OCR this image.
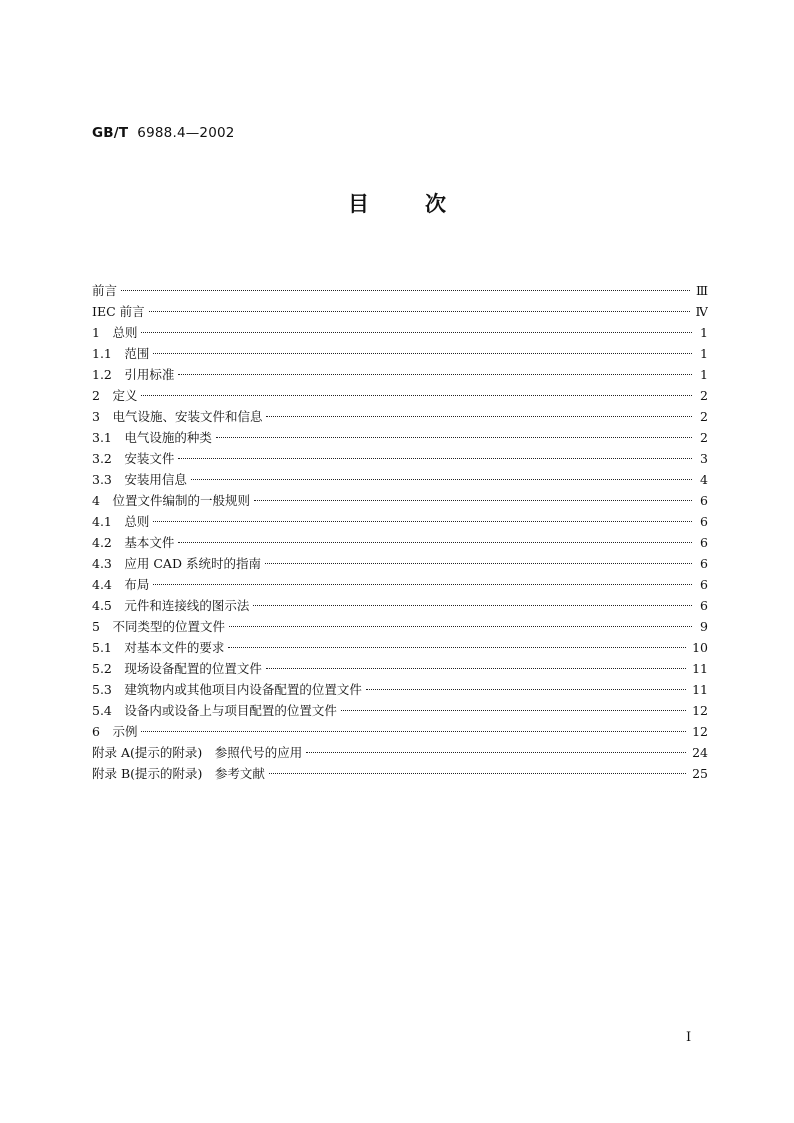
GB/T 6988.4—2002
目次
前言	Ⅲ
IEC 前言	Ⅳ
1　总则	1
1.1　范围	1
1.2　引用标准	1
2　定义	2
3　电气设施、安装文件和信息	2
3.1　电气设施的种类	2
3.2　安装文件	3
3.3　安装用信息	4
4　位置文件编制的一般规则	6
4.1　总则	6
4.2　基本文件	6
4.3　应用 CAD 系统时的指南	6
4.4　布局	6
4.5　元件和连接线的图示法	6
5　不同类型的位置文件	9
5.1　对基本文件的要求	10
5.2　现场设备配置的位置文件	11
5.3　建筑物内或其他项目内设备配置的位置文件	11
5.4　设备内或设备上与项目配置的位置文件	12
6　示例	12
附录 A(提示的附录)　参照代号的应用	24
附录 B(提示的附录)　参考文献	25
I
